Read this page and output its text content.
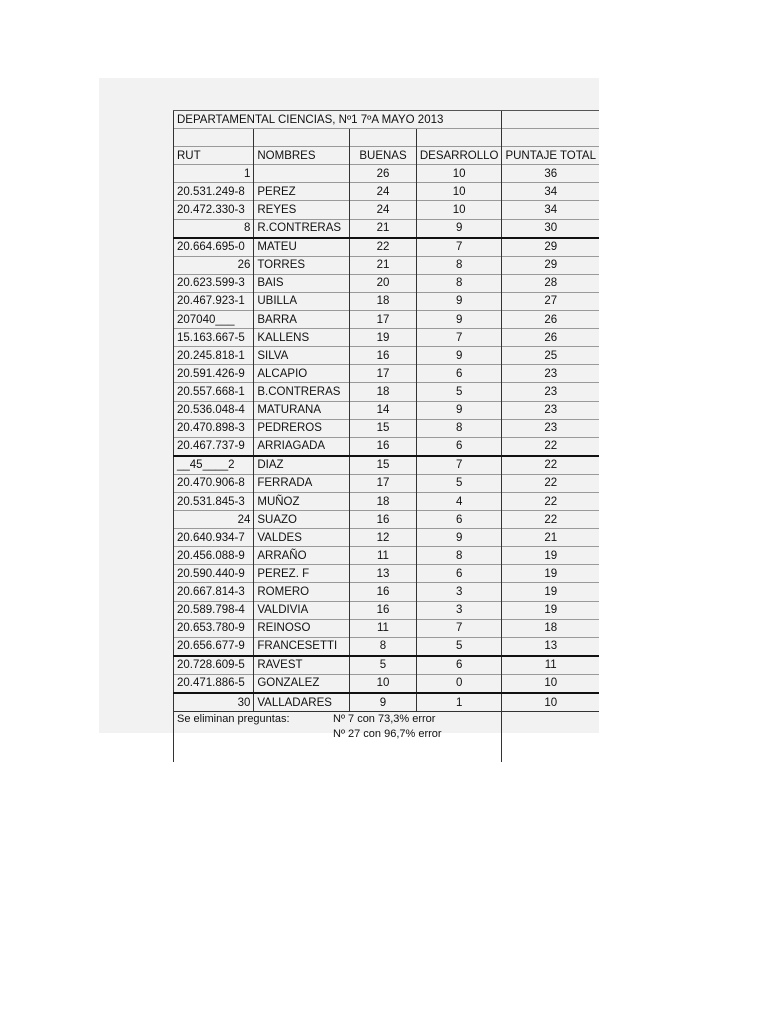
DEPARTAMENTAL CIENCIAS, Nº1 7ºA MAYO 2013				

RUT	NOMBRES	BUENAS	DESARROLLO	PUNTAJE TOTAL
1		26	10	36
20.531.249-8	PEREZ	24	10	34
20.472.330-3	REYES	24	10	34
8	R.CONTRERAS	21	9	30
20.664.695-0	MATEU	22	7	29
26	TORRES	21	8	29
20.623.599-3	BAIS	20	8	28
20.467.923-1	UBILLA	18	9	27
207040___	BARRA	17	9	26
15.163.667-5	KALLENS	19	7	26
20.245.818-1	SILVA	16	9	25
20.591.426-9	ALCAPIO	17	6	23
20.557.668-1	B.CONTRERAS	18	5	23
20.536.048-4	MATURANA	14	9	23
20.470.898-3	PEDREROS	15	8	23
20.467.737-9	ARRIAGADA	16	6	22
__45____2	DIAZ	15	7	22
20.470.906-8	FERRADA	17	5	22
20.531.845-3	MUÑOZ	18	4	22
24	SUAZO	16	6	22
20.640.934-7	VALDES	12	9	21
20.456.088-9	ARRAÑO	11	8	19
20.590.440-9	PEREZ. F	13	6	19
20.667.814-3	ROMERO	16	3	19
20.589.798-4	VALDIVIA	16	3	19
20.653.780-9	REINOSO	11	7	18
20.656.677-9	FRANCESETTI	8	5	13
20.728.609-5	RAVEST	5	6	11
20.471.886-5	GONZALEZ	10	0	10
30	VALLADARES	9	1	10

Se eliminan preguntas: Nº 7 con 73,3% error
Nº 27 con 96,7% error				
